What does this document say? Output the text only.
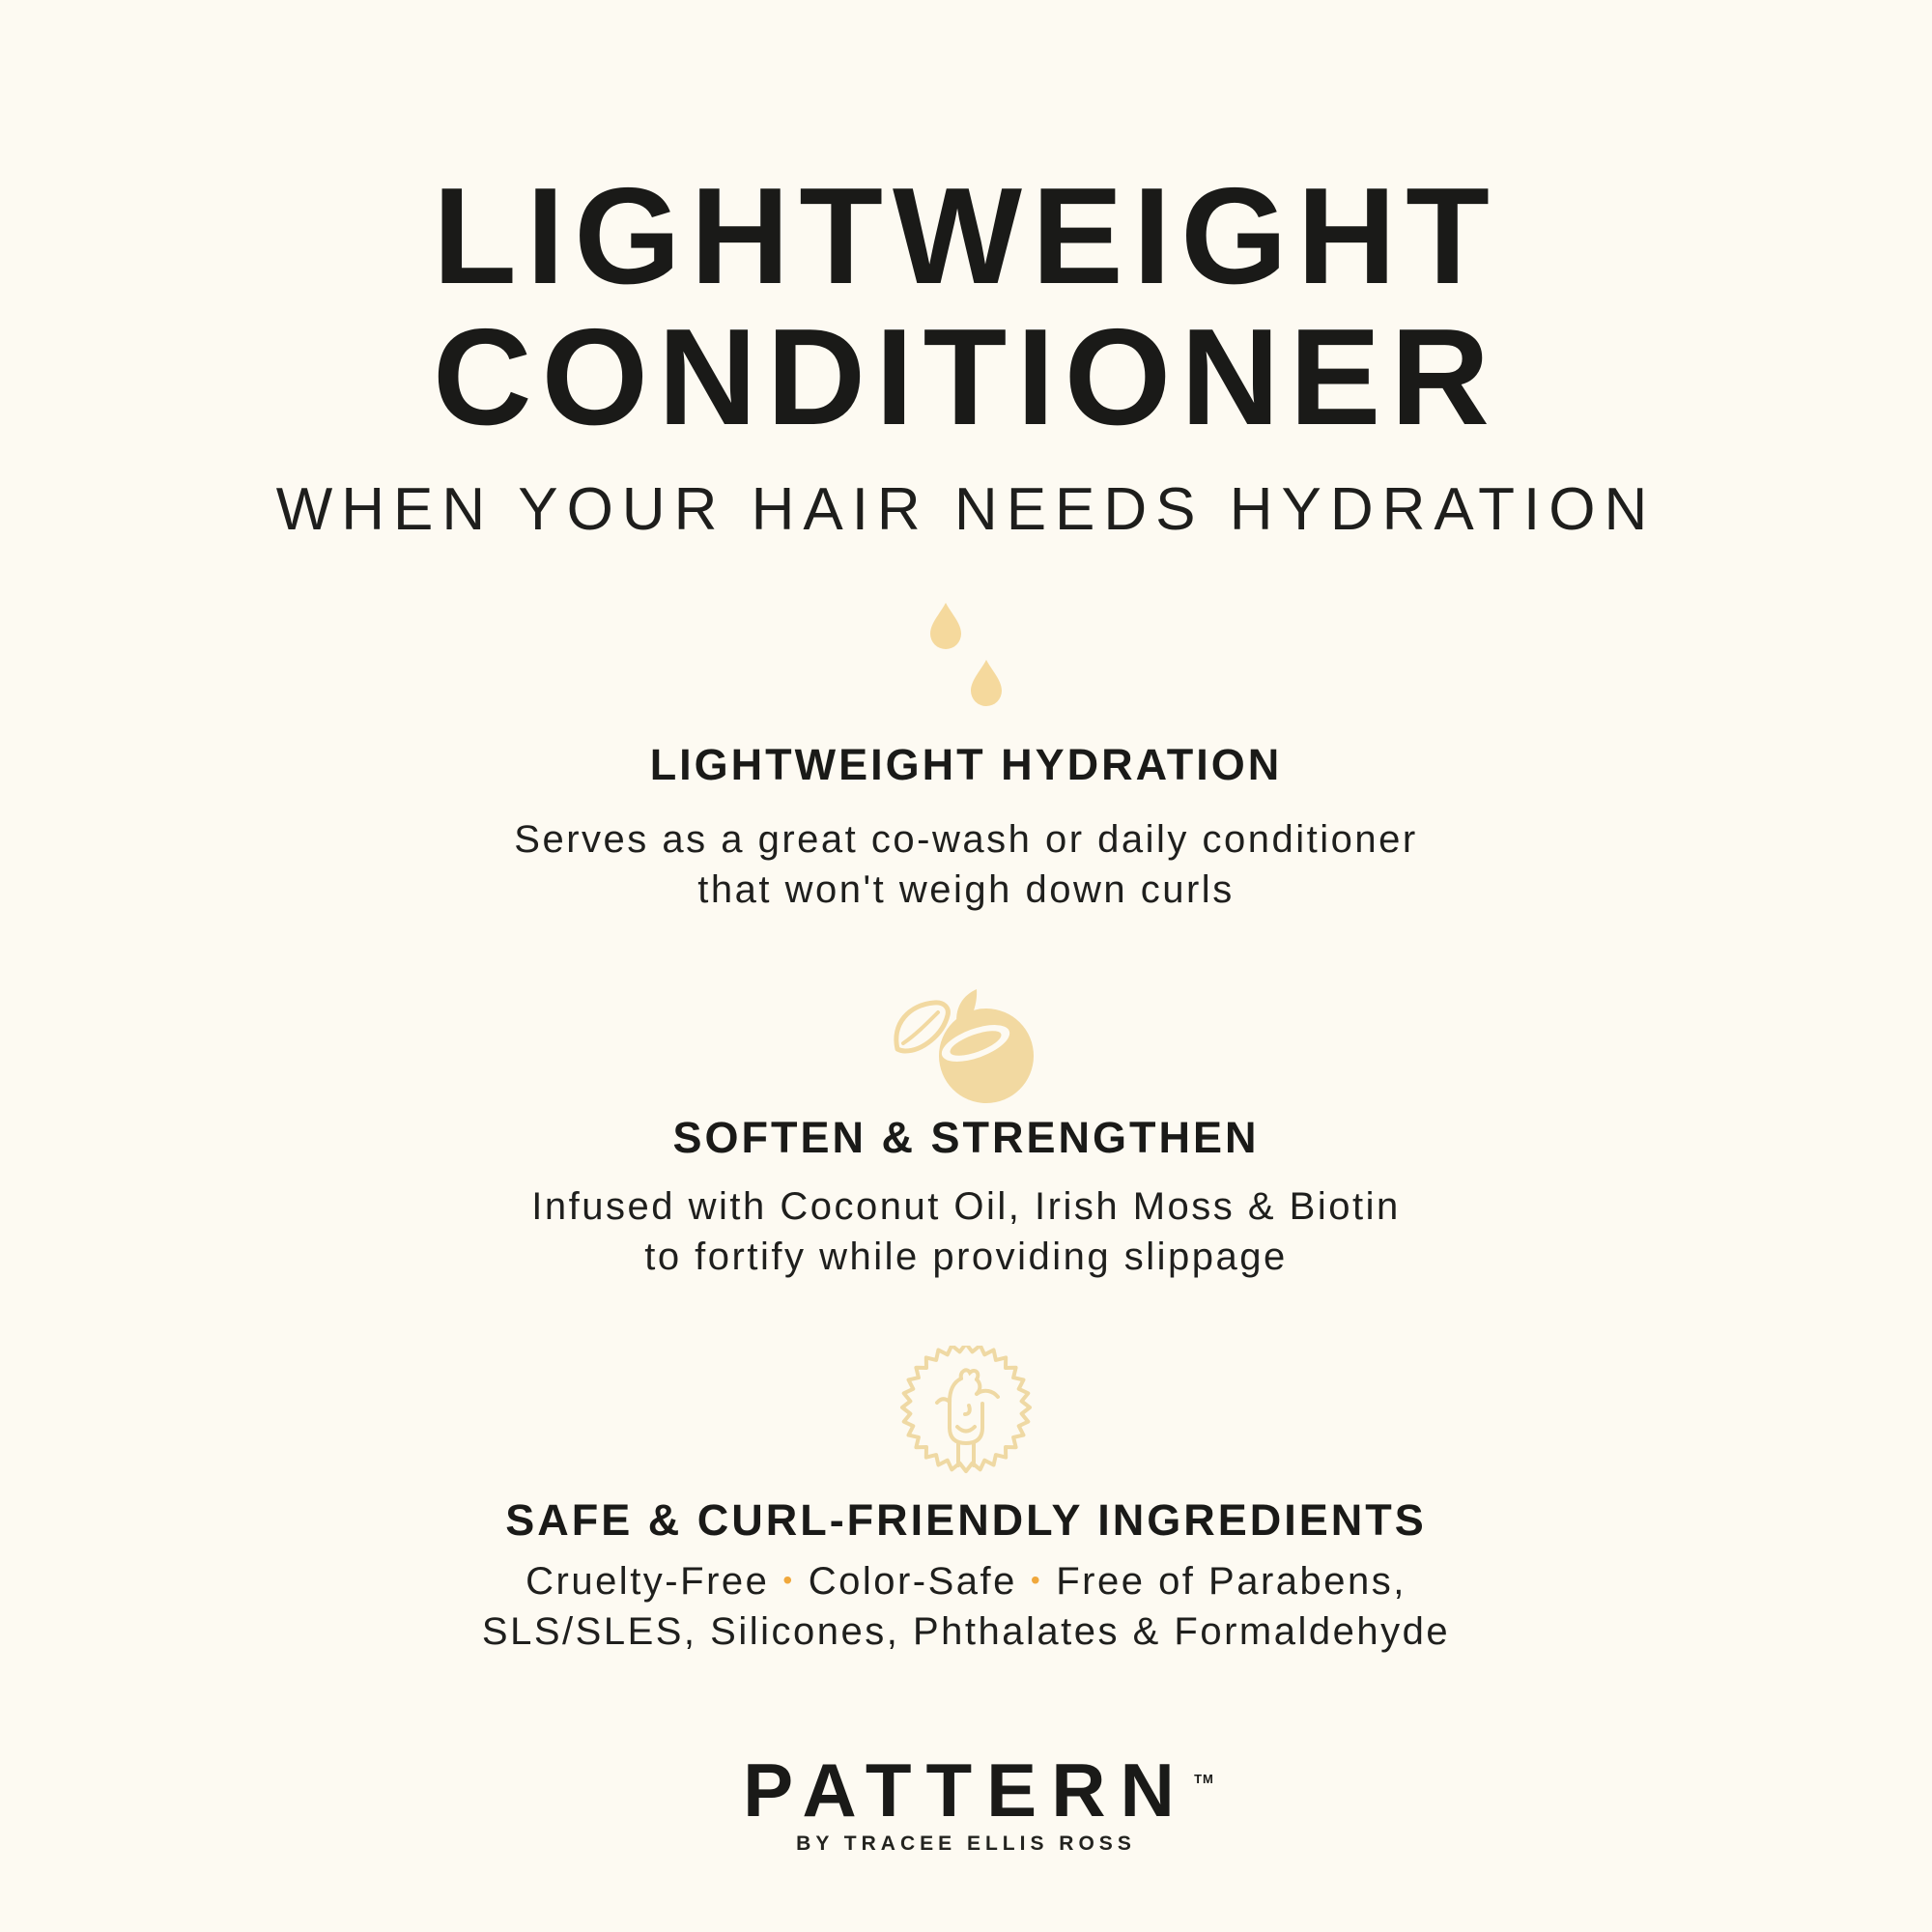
LIGHTWEIGHT
CONDITIONER
WHEN YOUR HAIR NEEDS HYDRATION
LIGHTWEIGHT HYDRATION
Serves as a great co-wash or daily conditioner
that won't weigh down curls
SOFTEN & STRENGTHEN
Infused with Coconut Oil, Irish Moss & Biotin
to fortify while providing slippage
SAFE & CURL-FRIENDLY INGREDIENTS
Cruelty-Free • Color-Safe • Free of Parabens,
SLS/SLES, Silicones, Phthalates & Formaldehyde
PATTERN TM
BY TRACEE ELLIS ROSS
